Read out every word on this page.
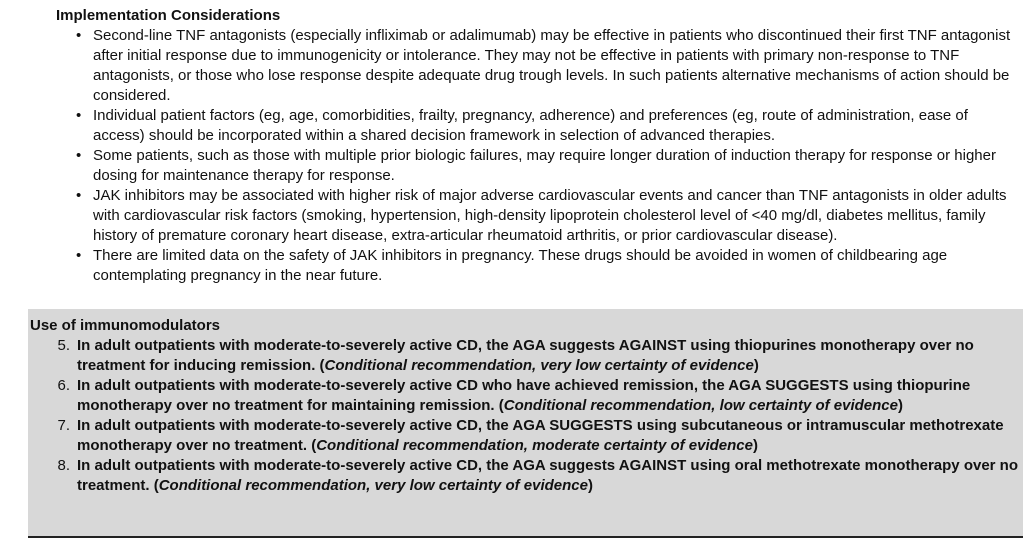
Implementation Considerations
• Second-line TNF antagonists (especially infliximab or adalimumab) may be effective in patients who discontinued their first TNF antagonist after initial response due to immunogenicity or intolerance. They may not be effective in patients with primary non-response to TNF antagonists, or those who lose response despite adequate drug trough levels. In such patients alternative mechanisms of action should be considered.
• Individual patient factors (eg, age, comorbidities, frailty, pregnancy, adherence) and preferences (eg, route of administration, ease of access) should be incorporated within a shared decision framework in selection of advanced therapies.
• Some patients, such as those with multiple prior biologic failures, may require longer duration of induction therapy for response or higher dosing for maintenance therapy for response.
• JAK inhibitors may be associated with higher risk of major adverse cardiovascular events and cancer than TNF antagonists in older adults with cardiovascular risk factors (smoking, hypertension, high-density lipoprotein cholesterol level of <40 mg/dl, diabetes mellitus, family history of premature coronary heart disease, extra-articular rheumatoid arthritis, or prior cardiovascular disease).
• There are limited data on the safety of JAK inhibitors in pregnancy. These drugs should be avoided in women of childbearing age contemplating pregnancy in the near future.
Use of immunomodulators
5. In adult outpatients with moderate-to-severely active CD, the AGA suggests AGAINST using thiopurines monotherapy over no treatment for inducing remission. (Conditional recommendation, very low certainty of evidence)
6. In adult outpatients with moderate-to-severely active CD who have achieved remission, the AGA SUGGESTS using thiopurine monotherapy over no treatment for maintaining remission. (Conditional recommendation, low certainty of evidence)
7. In adult outpatients with moderate-to-severely active CD, the AGA SUGGESTS using subcutaneous or intramuscular methotrexate monotherapy over no treatment. (Conditional recommendation, moderate certainty of evidence)
8. In adult outpatients with moderate-to-severely active CD, the AGA suggests AGAINST using oral methotrexate monotherapy over no treatment. (Conditional recommendation, very low certainty of evidence)
